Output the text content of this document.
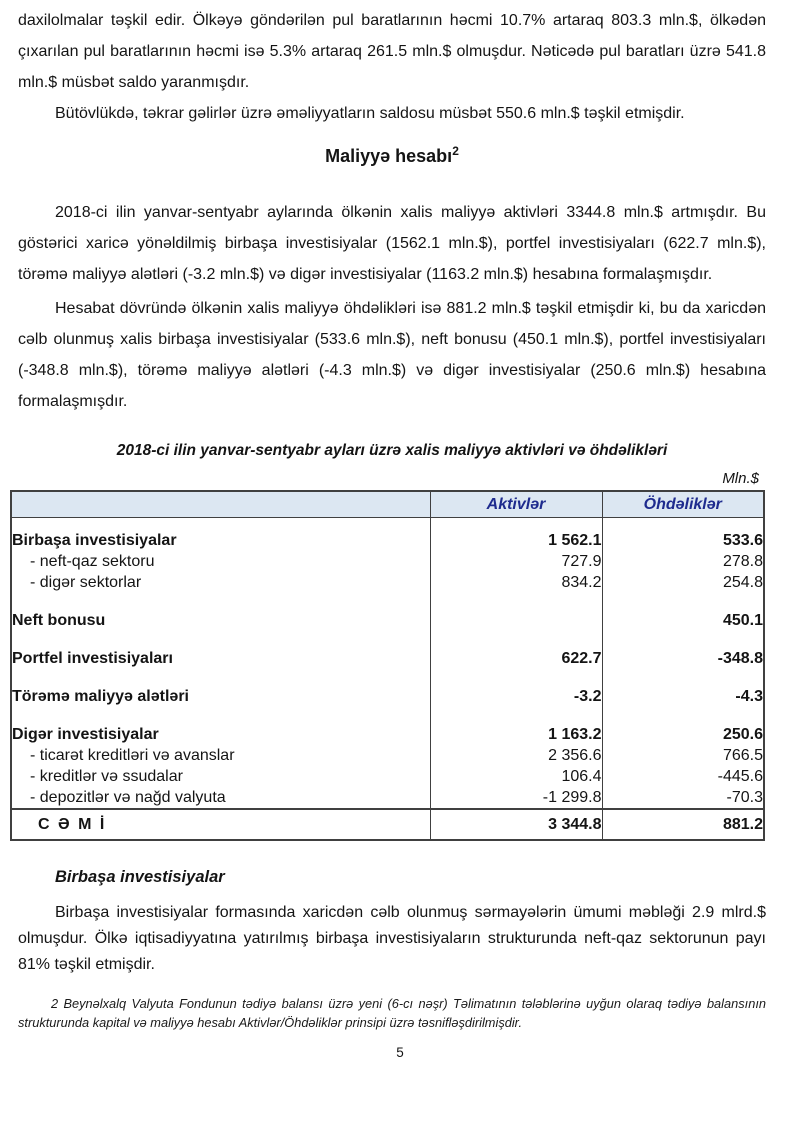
daxilolmalar təşkil edir. Ölkəyə göndərilən pul baratlarının həcmi 10.7% artaraq 803.3 mln.$, ölkədən çıxarılan pul baratlarının həcmi isə 5.3% artaraq 261.5 mln.$ olmuşdur. Nəticədə pul baratları üzrə 541.8 mln.$ müsbət saldo yaranmışdır.

Bütövlükdə, təkrar gəlirlər üzrə əməliyyatların saldosu müsbət 550.6 mln.$ təşkil etmişdir.

Maliyyə hesabı$^2$

2018-ci ilin yanvar-sentyabr aylarında ölkənin xalis maliyyə aktivləri 3344.8 mln.$ artmışdır. Bu göstərici xaricə yönəldilmiş birbaşa investisiyalar (1562.1 mln.$), portfel investisiyaları (622.7 mln.$), törəmə maliyyə alətləri (-3.2 mln.$) və digər investisiyalar (1163.2 mln.$) hesabına formalaşmışdır.

Hesabat dövründə ölkənin xalis maliyyə öhdəlikləri isə 881.2 mln.$ təşkil etmişdir ki, bu da xaricdən cəlb olunmuş xalis birbaşa investisiyalar (533.6 mln.$), neft bonusu (450.1 mln.$), portfel investisiyaları (-348.8 mln.$), törəmə maliyyə alətləri (-4.3 mln.$) və digər investisiyalar (250.6 mln.$) hesabına formalaşmışdır.

2018-ci ilin yanvar-sentyabr ayları üzrə xalis maliyyə aktivləri və öhdəlikləri
Mln.$
	Aktivlər	Öhdəliklər

Birbaşa investisiyalar	1 562.1	533.6
- neft-qaz sektoru	727.9	278.8
- digər sektorlar	834.2	254.8

Neft bonusu		450.1

Portfel investisiyaları	622.7	-348.8

Törəmə maliyyə alətləri	-3.2	-4.3

Digər investisiyalar	1 163.2	250.6
- ticarət kreditləri və avanslar	2 356.6	766.5
- kreditlər və ssudalar	106.4	-445.6
- depozitlər və nağd valyuta	-1 299.8	-70.3
C Ə M İ	3 344.8	881.2
Birbaşa investisiyalar

Birbaşa investisiyalar formasında xaricdən cəlb olunmuş sərmayələrin ümumi məbləği 2.9 mlrd.$ olmuşdur. Ölkə iqtisadiyyatına yatırılmış birbaşa investisiyaların strukturunda neft-qaz sektorunun payı 81% təşkil etmişdir.

2 Beynəlxalq Valyuta Fondunun tədiyə balansı üzrə yeni (6-cı nəşr) Təlimatının tələblərinə uyğun olaraq tədiyə balansının strukturunda kapital və maliyyə hesabı Aktivlər/Öhdəliklər prinsipi üzrə təsnifləşdirilmişdir.
5
